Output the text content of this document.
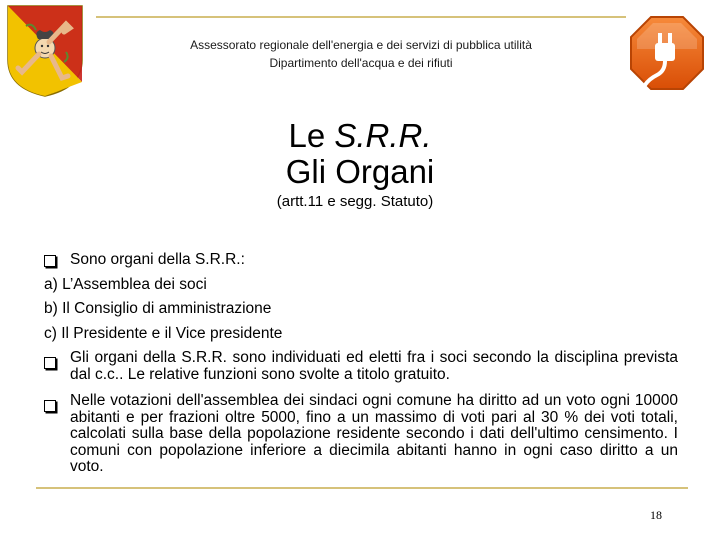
Assessorato regionale dell'energia e dei servizi di pubblica utilità
Dipartimento dell'acqua e dei rifiuti
Le S.R.R.
Gli Organi
(artt.11 e segg. Statuto)
Sono organi della S.R.R.:
a) L’Assemblea dei soci
b) Il Consiglio di amministrazione
c) Il Presidente e il Vice presidente
Gli organi della S.R.R. sono individuati ed eletti fra i soci secondo la disciplina prevista dal c.c.. Le relative funzioni sono svolte a titolo gratuito.
Nelle votazioni dell'assemblea dei sindaci ogni comune ha diritto ad un voto ogni 10000 abitanti e per frazioni oltre 5000, fino a un massimo di voti pari al 30 % dei voti totali, calcolati sulla base della popolazione residente secondo i dati dell'ultimo censimento. I comuni con popolazione inferiore a diecimila abitanti hanno in ogni caso diritto a un voto.
18
